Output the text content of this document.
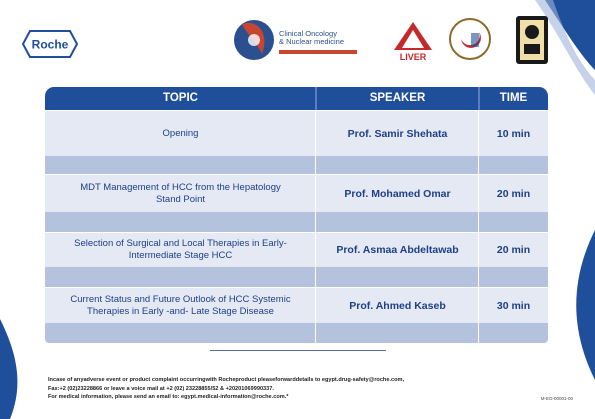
Roche
Clinical Oncology
& Nuclear medicine
LIVER
TOPIC	SPEAKER	TIME
Opening	Prof. Samir Shehata	10 min
MDT Management of HCC from the Hepatology
Stand Point	Prof. Mohamed Omar	20 min
Selection of Surgical and Local Therapies in Early-
Intermediate Stage HCC	Prof. Asmaa Abdeltawab	20 min
Current Status and Future Outlook of HCC Systemic
Therapies in Early -and- Late Stage Disease	Prof. Ahmed Kaseb	30 min
Incase of anyadverse event or product complaint occurringwith Rocheproduct pleaseforwarddetails to egypt.drug-safety@roche.com,
Fax:+2 (02)23228866 or leave a voice mail at +2 (02) 23228855/52 & +20201069990337.
For medical information, please send an email to: egypt.medical-information@roche.com.*	M-EG-00001-00
